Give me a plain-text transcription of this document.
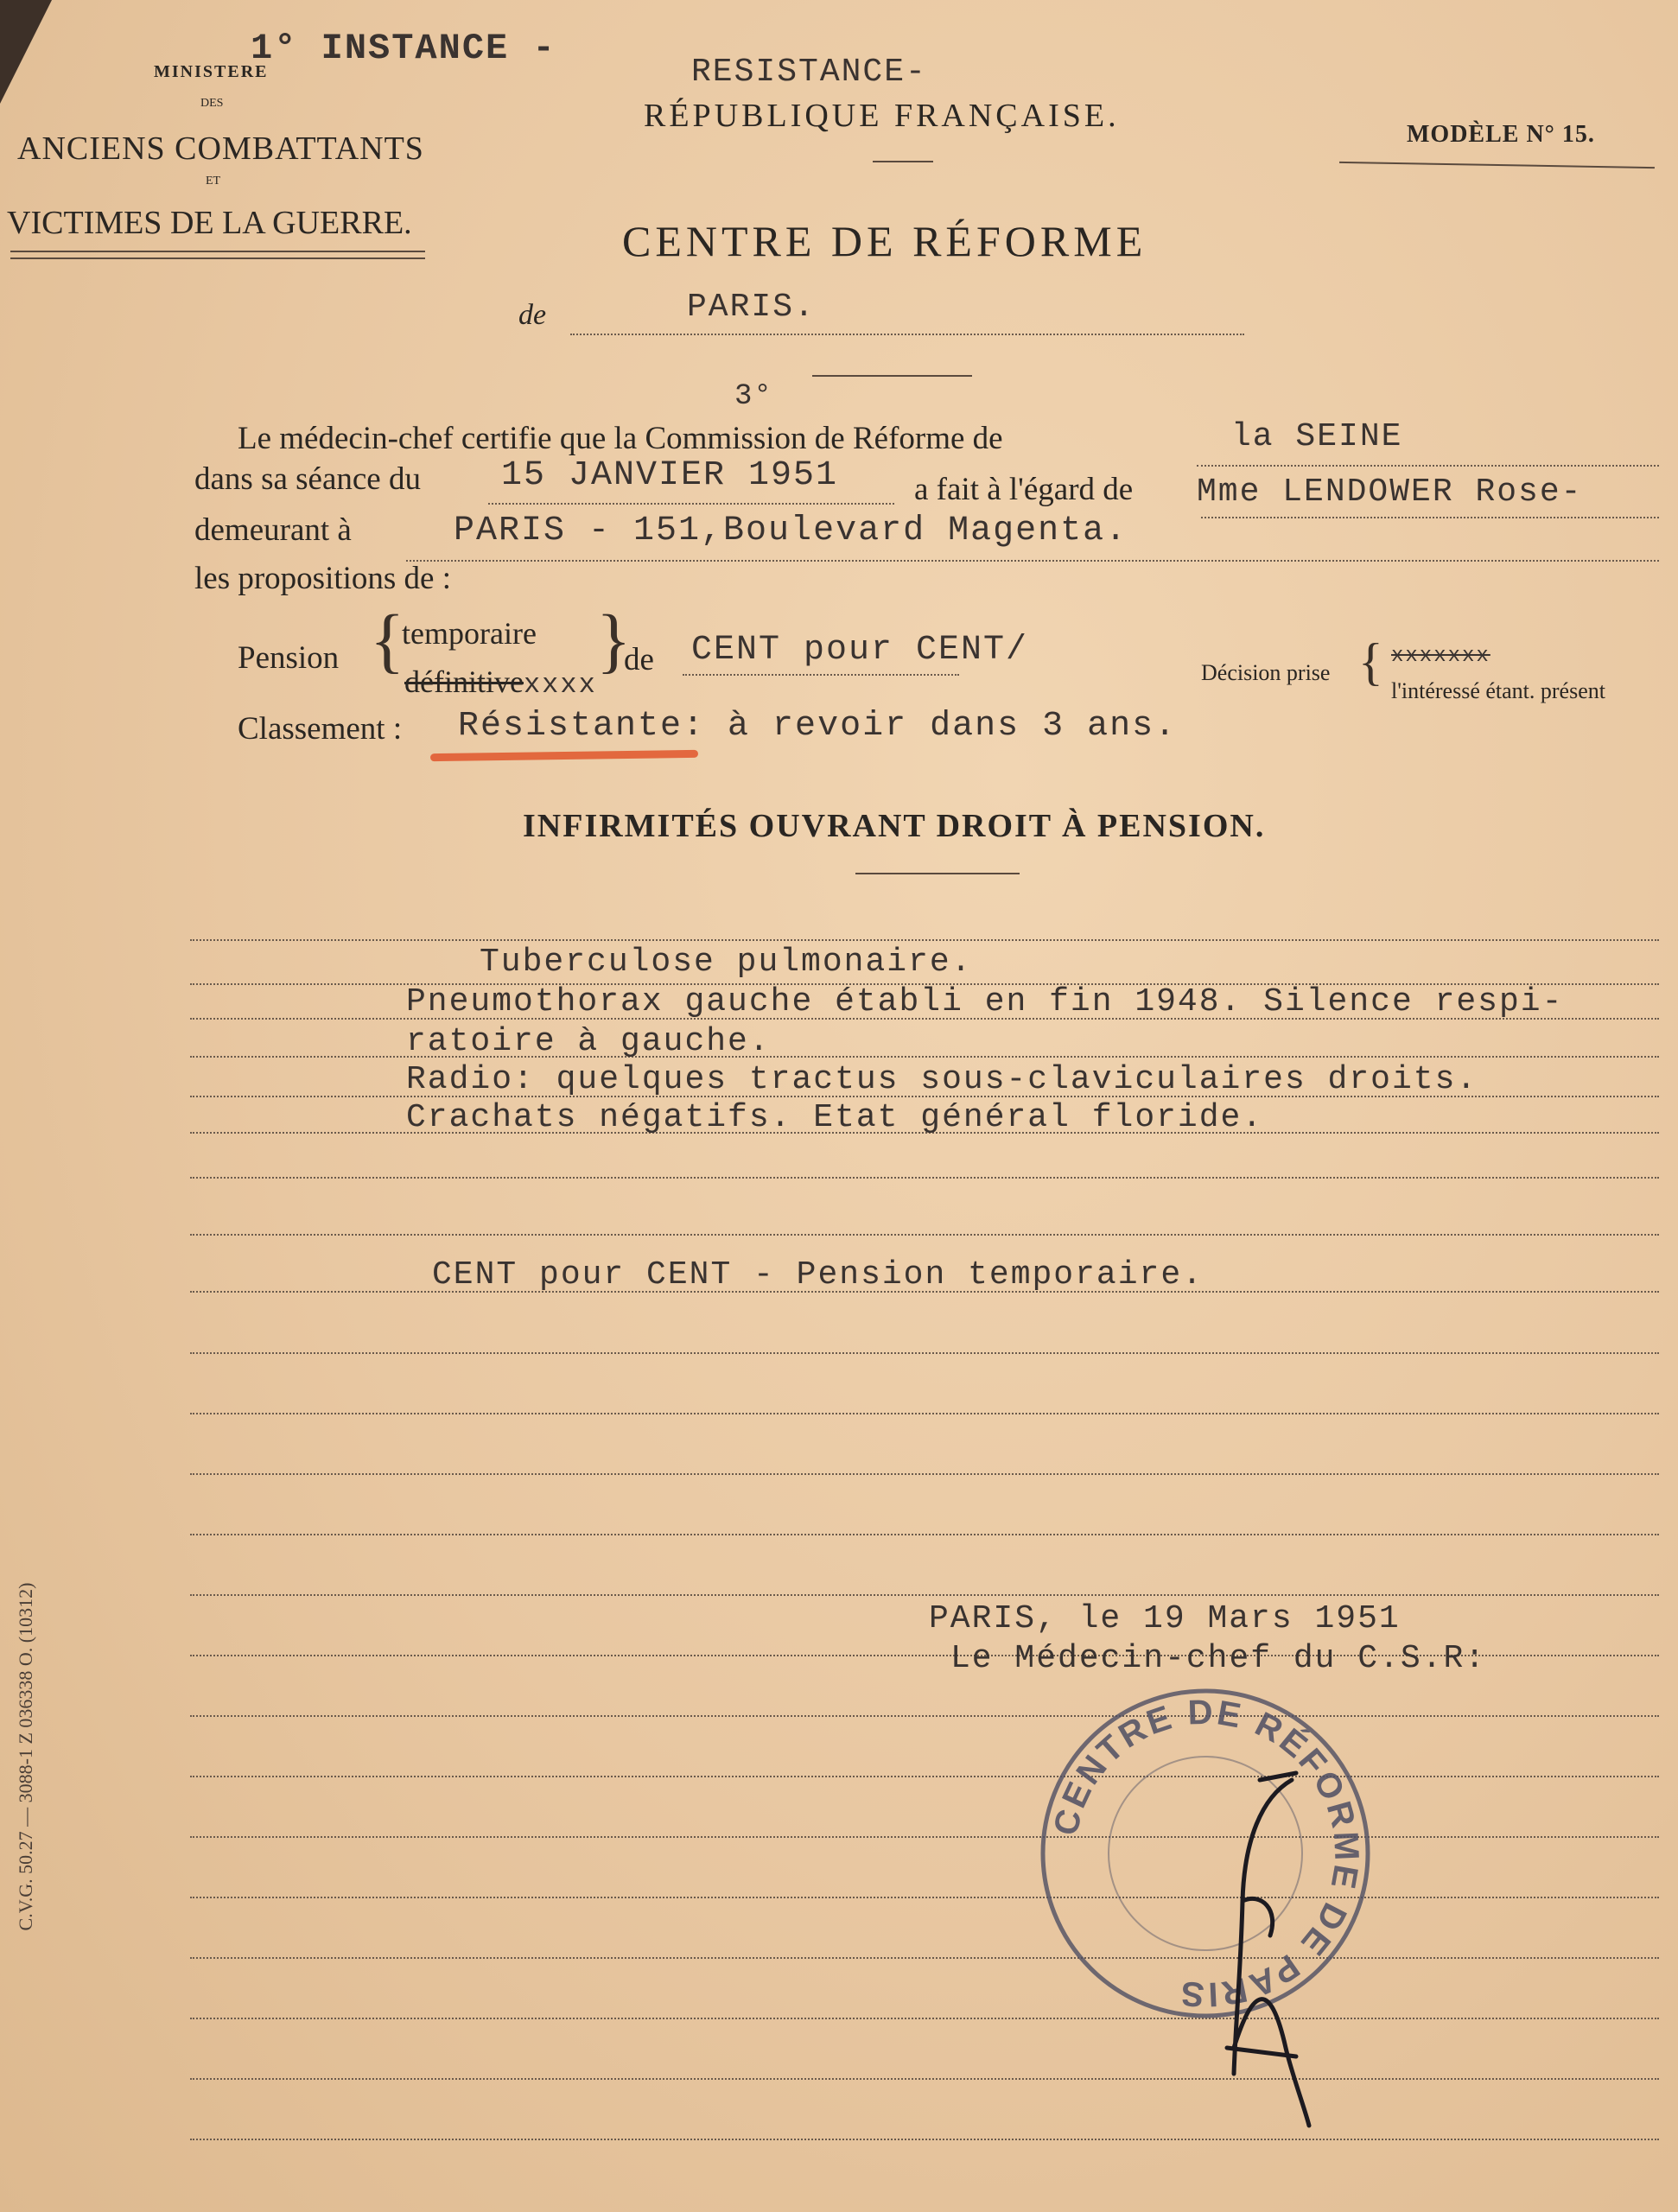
1° INSTANCE -
MINISTERE
DES
ANCIENS COMBATTANTS
ET
VICTIMES DE LA GUERRE.
RESISTANCE-
RÉPUBLIQUE FRANÇAISE.
MODÈLE N° 15.
CENTRE DE RÉFORME
de	PARIS.
3°
Le médecin-chef certifie que la Commission de Réforme de	la SEINE
dans sa séance du 15 JANVIER 1951 a fait à l'égard de Mme LENDOWER Rose-
demeurant à	PARIS - 151,Boulevard Magenta.
les propositions de :
Pension {
temporaire
définitivexxxx
}
de CENT pour CENT/
Décision prise { xxxxxxx
l'intéressé étant. présent
Classement : Résistante: à revoir dans 3 ans.
INFIRMITÉS OUVRANT DROIT À PENSION.
Tuberculose pulmonaire.
Pneumothorax gauche établi en fin 1948. Silence respi-
ratoire à gauche.
Radio: quelques tractus sous-claviculaires droits.
Crachats négatifs. Etat général floride.
CENT pour CENT - Pension temporaire.
PARIS, le 19 Mars 1951
Le Médecin-chef du C.S.R:
CENTRE DE RÉFORME DE PARIS
C.V.G. 50.27 — 3088-1 Z 036338 O. (10312)
